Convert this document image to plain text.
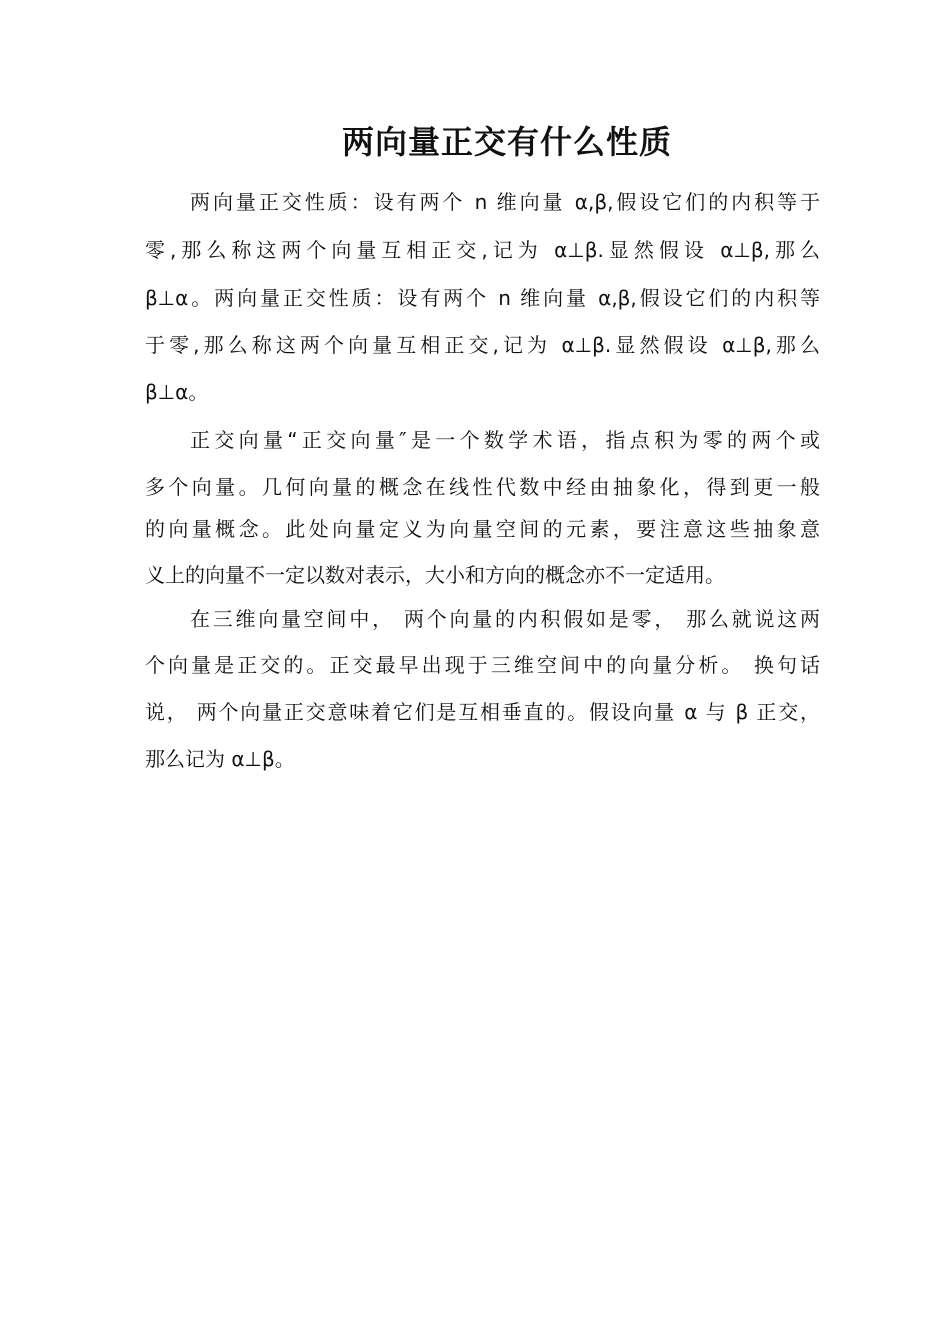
两向量正交有什么性质

两向量正交性质：设有两个 n 维向量 α,β,假设它们的内积等于

零,那么称这两个向量互相正交,记为 α⊥β.显然假设 α⊥β,那么

β⊥α。两向量正交性质：设有两个 n 维向量 α,β,假设它们的内积等

于零,那么称这两个向量互相正交,记为 α⊥β.显然假设 α⊥β,那么

β⊥α。

正交向量“正交向量″是一个数学术语，指点积为零的两个或

多个向量。几何向量的概念在线性代数中经由抽象化，得到更一般

的向量概念。此处向量定义为向量空间的元素，要注意这些抽象意

义上的向量不一定以数对表示，大小和方向的概念亦不一定适用。

在三维向量空间中， 两个向量的内积假如是零， 那么就说这两

个向量是正交的。正交最早出现于三维空间中的向量分析。 换句话

说， 两个向量正交意味着它们是互相垂直的。假设向量 α 与 β 正交，

那么记为 α⊥β。
